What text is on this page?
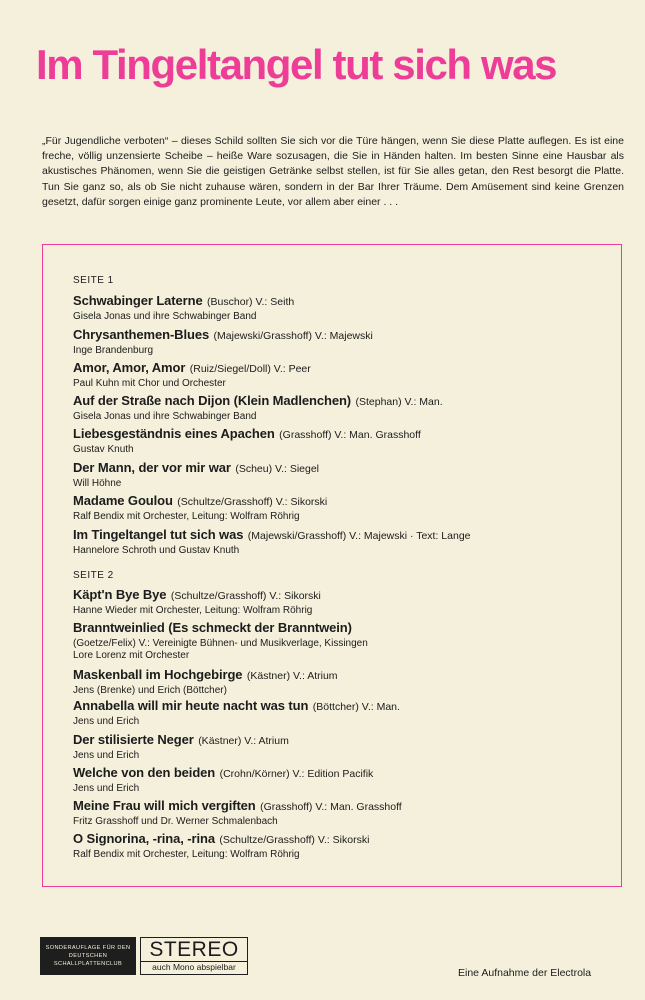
Im Tingeltangel tut sich was

„Für Jugendliche verboten“ – dieses Schild sollten Sie sich vor die Türe hängen, wenn Sie diese Platte auflegen. Es ist eine freche, völlig unzensierte Scheibe – heiße Ware sozusagen, die Sie in Händen halten. Im besten Sinne eine Hausbar als akustisches Phänomen, wenn Sie die geistigen Getränke selbst stellen, ist für Sie alles getan, den Rest besorgt die Platte. Tun Sie ganz so, als ob Sie nicht zuhause wären, sondern in der Bar Ihrer Träume. Dem Amüsement sind keine Grenzen gesetzt, dafür sorgen einige ganz prominente Leute, vor allem aber einer . . .

SEITE 1
Schwabinger Laterne (Buschor) V.: Seith
Gisela Jonas und ihre Schwabinger Band
Chrysanthemen-Blues (Majewski/Grasshoff) V.: Majewski
Inge Brandenburg
Amor, Amor, Amor (Ruiz/Siegel/Doll) V.: Peer
Paul Kuhn mit Chor und Orchester
Auf der Straße nach Dijon (Klein Madlenchen) (Stephan) V.: Man.
Gisela Jonas und ihre Schwabinger Band
Liebesgeständnis eines Apachen (Grasshoff) V.: Man. Grasshoff
Gustav Knuth
Der Mann, der vor mir war (Scheu) V.: Siegel
Will Höhne
Madame Goulou (Schultze/Grasshoff) V.: Sikorski
Ralf Bendix mit Orchester, Leitung: Wolfram Röhrig
Im Tingeltangel tut sich was (Majewski/Grasshoff) V.: Majewski · Text: Lange
Hannelore Schroth und Gustav Knuth
SEITE 2
Käpt'n Bye Bye (Schultze/Grasshoff) V.: Sikorski
Hanne Wieder mit Orchester, Leitung: Wolfram Röhrig
Branntweinlied (Es schmeckt der Branntwein)
(Goetze/Felix) V.: Vereinigte Bühnen- und Musikverlage, Kissingen
Lore Lorenz mit Orchester
Maskenball im Hochgebirge (Kästner) V.: Atrium
Jens (Brenke) und Erich (Böttcher)
Annabella will mir heute nacht was tun (Böttcher) V.: Man.
Jens und Erich
Der stilisierte Neger (Kästner) V.: Atrium
Jens und Erich
Welche von den beiden (Crohn/Körner) V.: Edition Pacifik
Jens und Erich
Meine Frau will mich vergiften (Grasshoff) V.: Man. Grasshoff
Fritz Grasshoff und Dr. Werner Schmalenbach
O Signorina, -rina, -rina (Schultze/Grasshoff) V.: Sikorski
Ralf Bendix mit Orchester, Leitung: Wolfram Röhrig
SONDERAUFLAGE FÜR DEN
DEUTSCHEN
SCHALLPLATTENCLUB
STEREO
auch Mono abspielbar	Eine Aufnahme der Electrola
